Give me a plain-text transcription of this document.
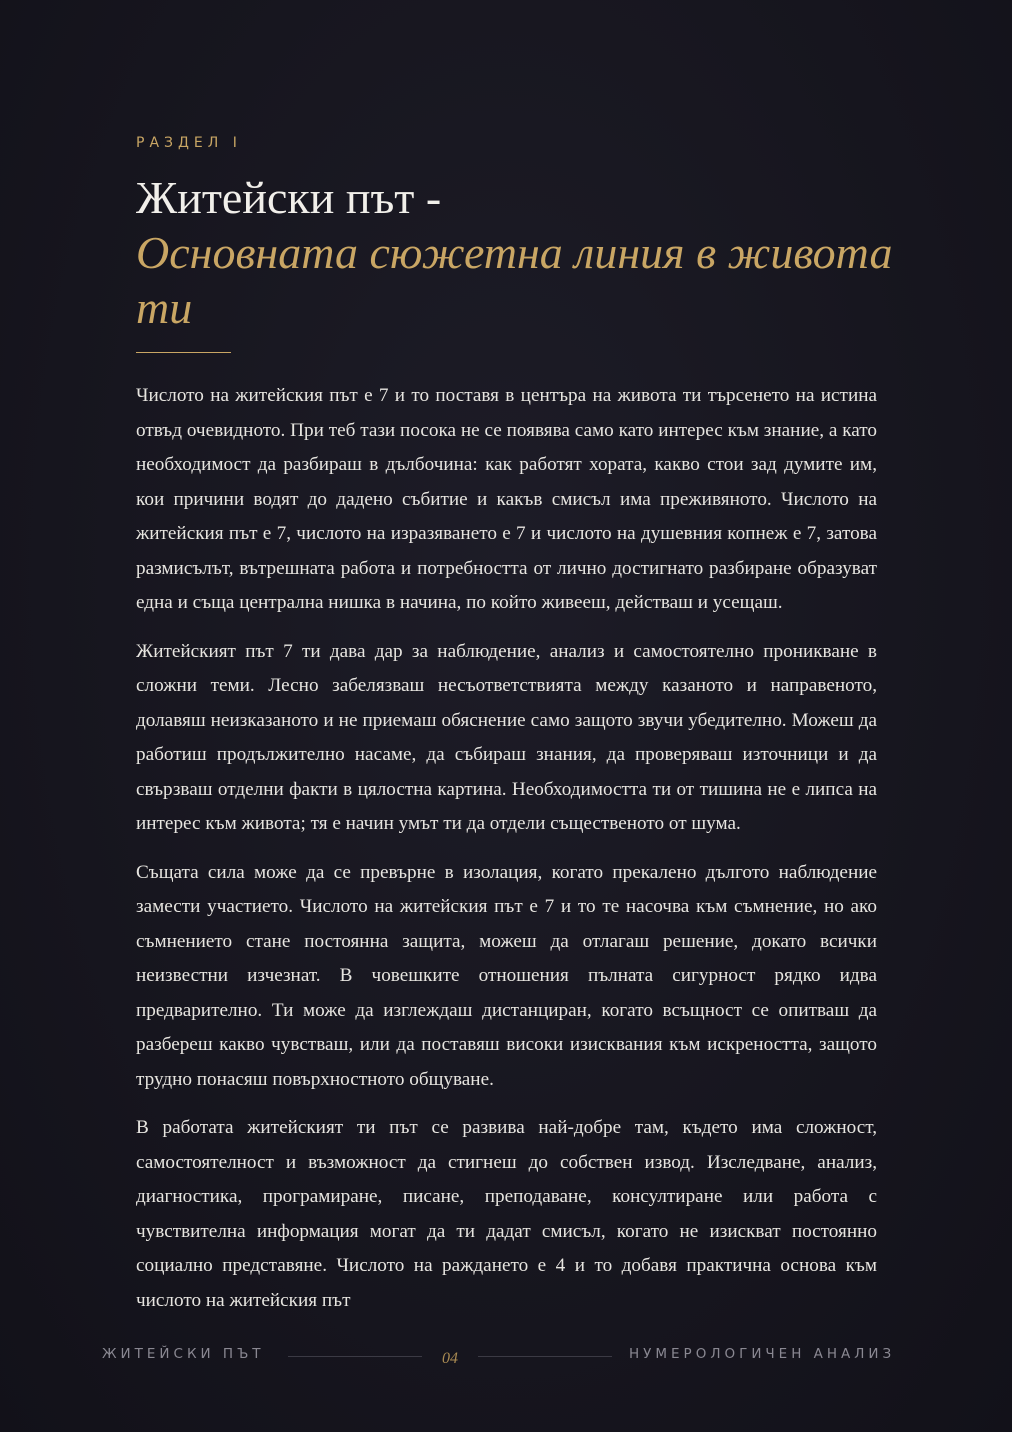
РАЗДЕЛ I
Житейски път -
Основната сюжетна линия в живота ти

Числото на житейския път е 7 и то поставя в центъра на живота ти търсенето на истина отвъд очевидното. При теб тази посока не се появява само като интерес към знание, а като необходимост да разбираш в дълбочина: как работят хората, какво стои зад думите им, кои причини водят до дадено събитие и какъв смисъл има преживяното. Числото на житейския път е 7, числото на изразяването е 7 и числото на душевния копнеж е 7, затова размисълът, вътрешната работа и потребността от лично достигнато разбиране образуват една и съща централна нишка в начина, по който живееш, действаш и усещаш.

Житейският път 7 ти дава дар за наблюдение, анализ и самостоятелно проникване в сложни теми. Лесно забелязваш несъответствията между казаното и направеното, долавяш неизказаното и не приемаш обяснение само защото звучи убедително. Можеш да работиш продължително насаме, да събираш знания, да проверяваш източници и да свързваш отделни факти в цялостна картина. Необходимостта ти от тишина не е липса на интерес към живота; тя е начин умът ти да отдели същественото от шума.

Същата сила може да се превърне в изолация, когато прекалено дългото наблюдение замести участието. Числото на житейския път е 7 и то те насочва към съмнение, но ако съмнението стане постоянна защита, можеш да отлагаш решение, докато всички неизвестни изчезнат. В човешките отношения пълната сигурност рядко идва предварително. Ти може да изглеждаш дистанциран, когато всъщност се опитваш да разбереш какво чувстваш, или да поставяш високи изисквания към искреността, защото трудно понасяш повърхностното общуване.

В работата житейският ти път се развива най-добре там, където има сложност, самостоятелност и възможност да стигнеш до собствен извод. Изследване, анализ, диагностика, програмиране, писане, преподаване, консултиране или работа с чувствителна информация могат да ти дадат смисъл, когато не изискват постоянно социално представяне. Числото на раждането е 4 и то добавя практична основа към числото на житейския път

ЖИТЕЙСКИ ПЪТ	04	НУМЕРОЛОГИЧЕН АНАЛИЗ
